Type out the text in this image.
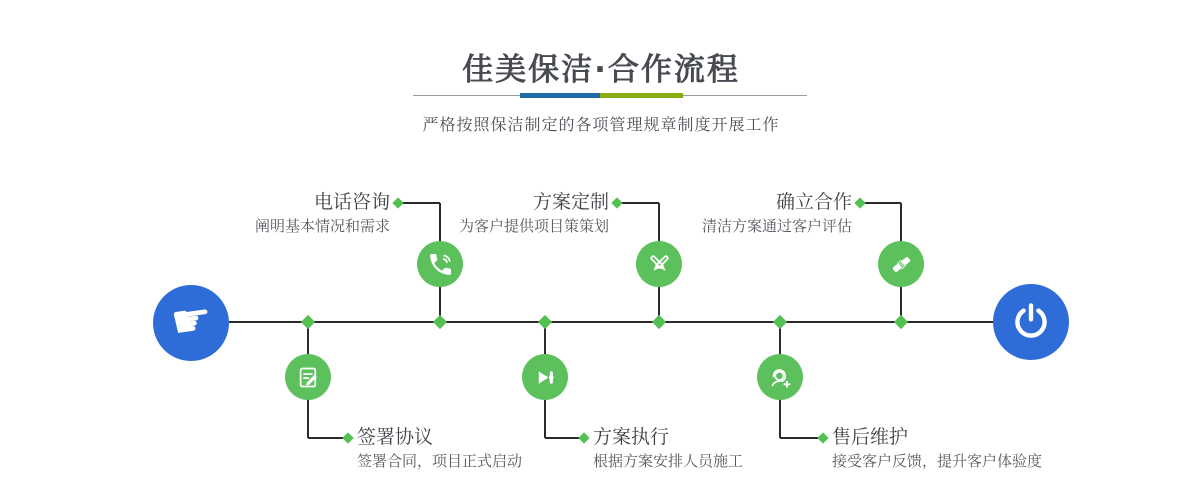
佳美保洁·合作流程
严格按照保洁制定的各项管理规章制度开展工作
☛
电话咨询
阐明基本情况和需求
签署协议
签署合同，项目正式启动
方案定制
为客户提供项目策策划
方案执行
根据方案安排人员施工
确立合作
清洁方案通过客户评估
售后维护
接受客户反馈，提升客户体验度
